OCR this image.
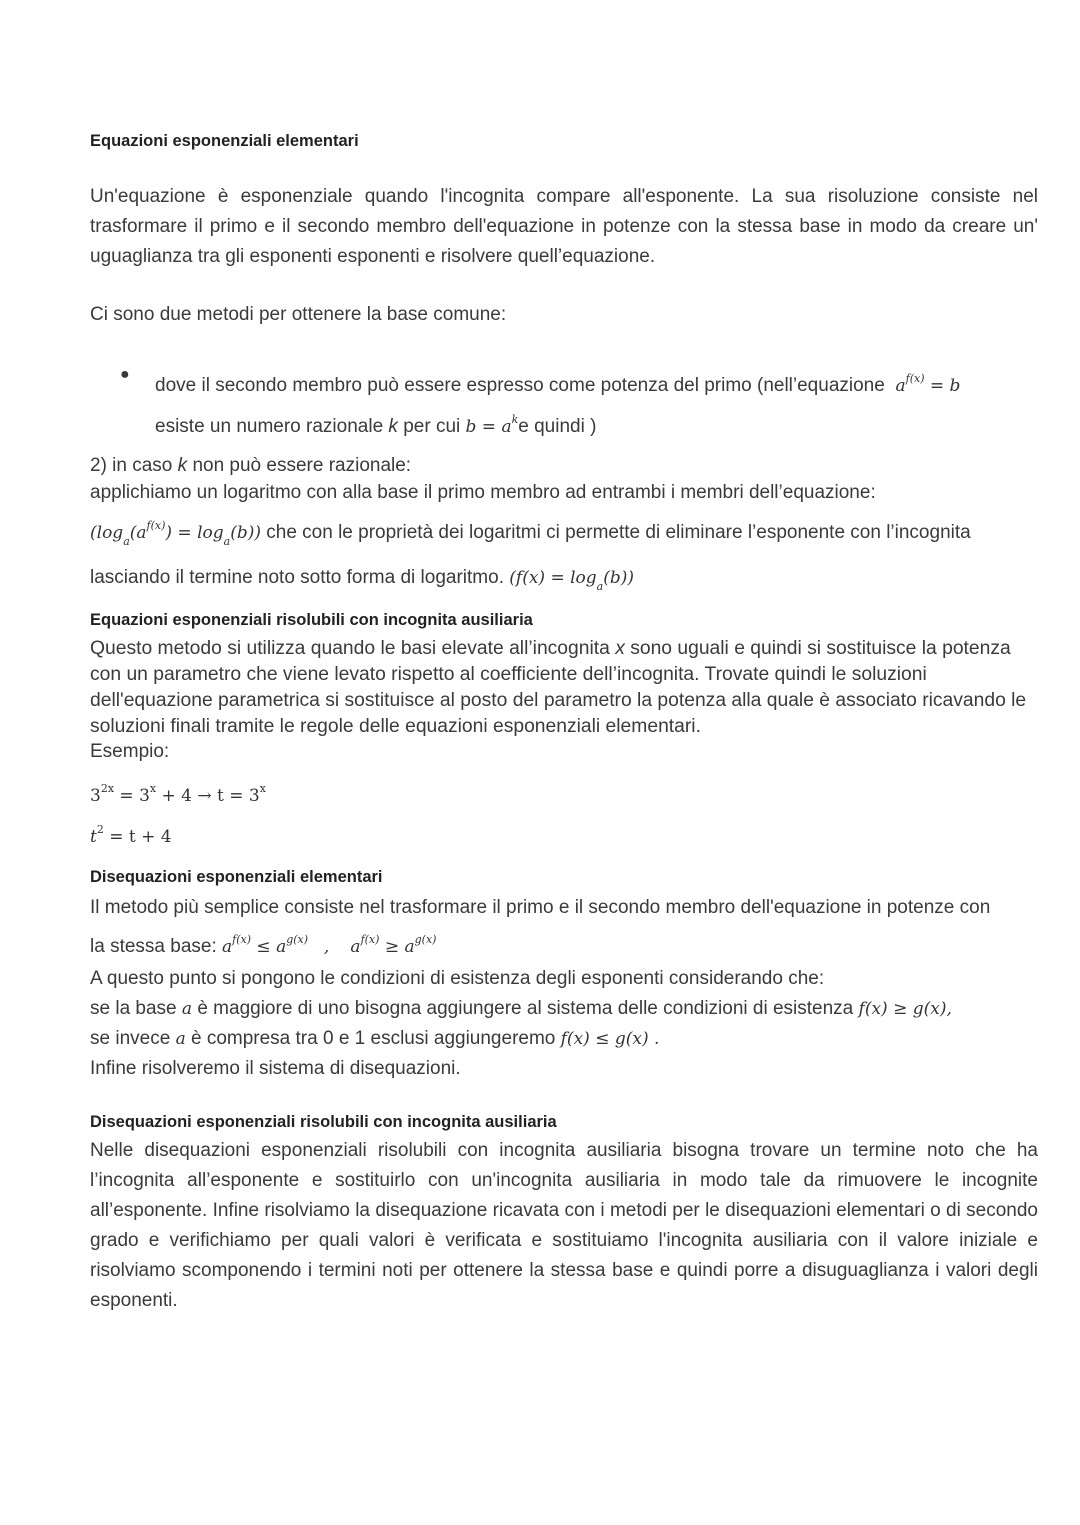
Equazioni esponenziali elementari

Un'equazione è esponenziale quando l'incognita compare all'esponente. La sua risoluzione consiste nel trasformare il primo e il secondo membro dell'equazione in potenze con la stessa base in modo da creare un' uguaglianza tra gli esponenti esponenti e risolvere quell’equazione.

Ci sono due metodi per ottenere la base comune:

●
dove il secondo membro può essere espresso come potenza del primo (nell’equazione $a^{f(x)} = b$
esiste un numero razionale k per cui $b = a^ke$ quindi )
2) in caso k non può essere razionale:
applichiamo un logaritmo con alla base il primo membro ad entrambi i membri dell’equazione:
$(\log_a(a^{f(x)}) = \log_a(b))$ che con le proprietà dei logaritmi ci permette di eliminare l’esponente con l’incognita
lasciando il termine noto sotto forma di logaritmo. $(f(x) = \log_a(b))$
Equazioni esponenziali risolubili con incognita ausiliaria

Questo metodo si utilizza quando le basi elevate all’incognita x sono uguali e quindi si sostituisce la potenza con un parametro che viene levato rispetto al coefficiente dell’incognita. Trovate quindi le soluzioni dell'equazione parametrica si sostituisce al posto del parametro la potenza alla quale è associato ricavando le soluzioni finali tramite le regole delle equazioni esponenziali elementari.

Esempio:

$3^{2x} = 3^x + 4 \to t = 3^x$
$t^2 = t + 4$
Disequazioni esponenziali elementari
Il metodo più semplice consiste nel trasformare il primo e il secondo membro dell'equazione in potenze con
la stessa base: $a^{f(x)} \le a^{g(x)}$ , $a^{f(x)} \ge a^{g(x)}$
A questo punto si pongono le condizioni di esistenza degli esponenti considerando che:
se la base a è maggiore di uno bisogna aggiungere al sistema delle condizioni di esistenza f(x) ≥ g(x),
se invece a è compresa tra 0 e 1 esclusi aggiungeremo f(x) ≤ g(x) .
Infine risolveremo il sistema di disequazioni.
Disequazioni esponenziali risolubili con incognita ausiliaria

Nelle disequazioni esponenziali risolubili con incognita ausiliaria bisogna trovare un termine noto che ha l’incognita all’esponente e sostituirlo con un'incognita ausiliaria in modo tale da rimuovere le incognite all’esponente. Infine risolviamo la disequazione ricavata con i metodi per le disequazioni elementari o di secondo grado e verifichiamo per quali valori è verificata e sostituiamo l'incognita ausiliaria con il valore iniziale e risolviamo scomponendo i termini noti per ottenere la stessa base e quindi porre a disuguaglianza i valori degli esponenti.
